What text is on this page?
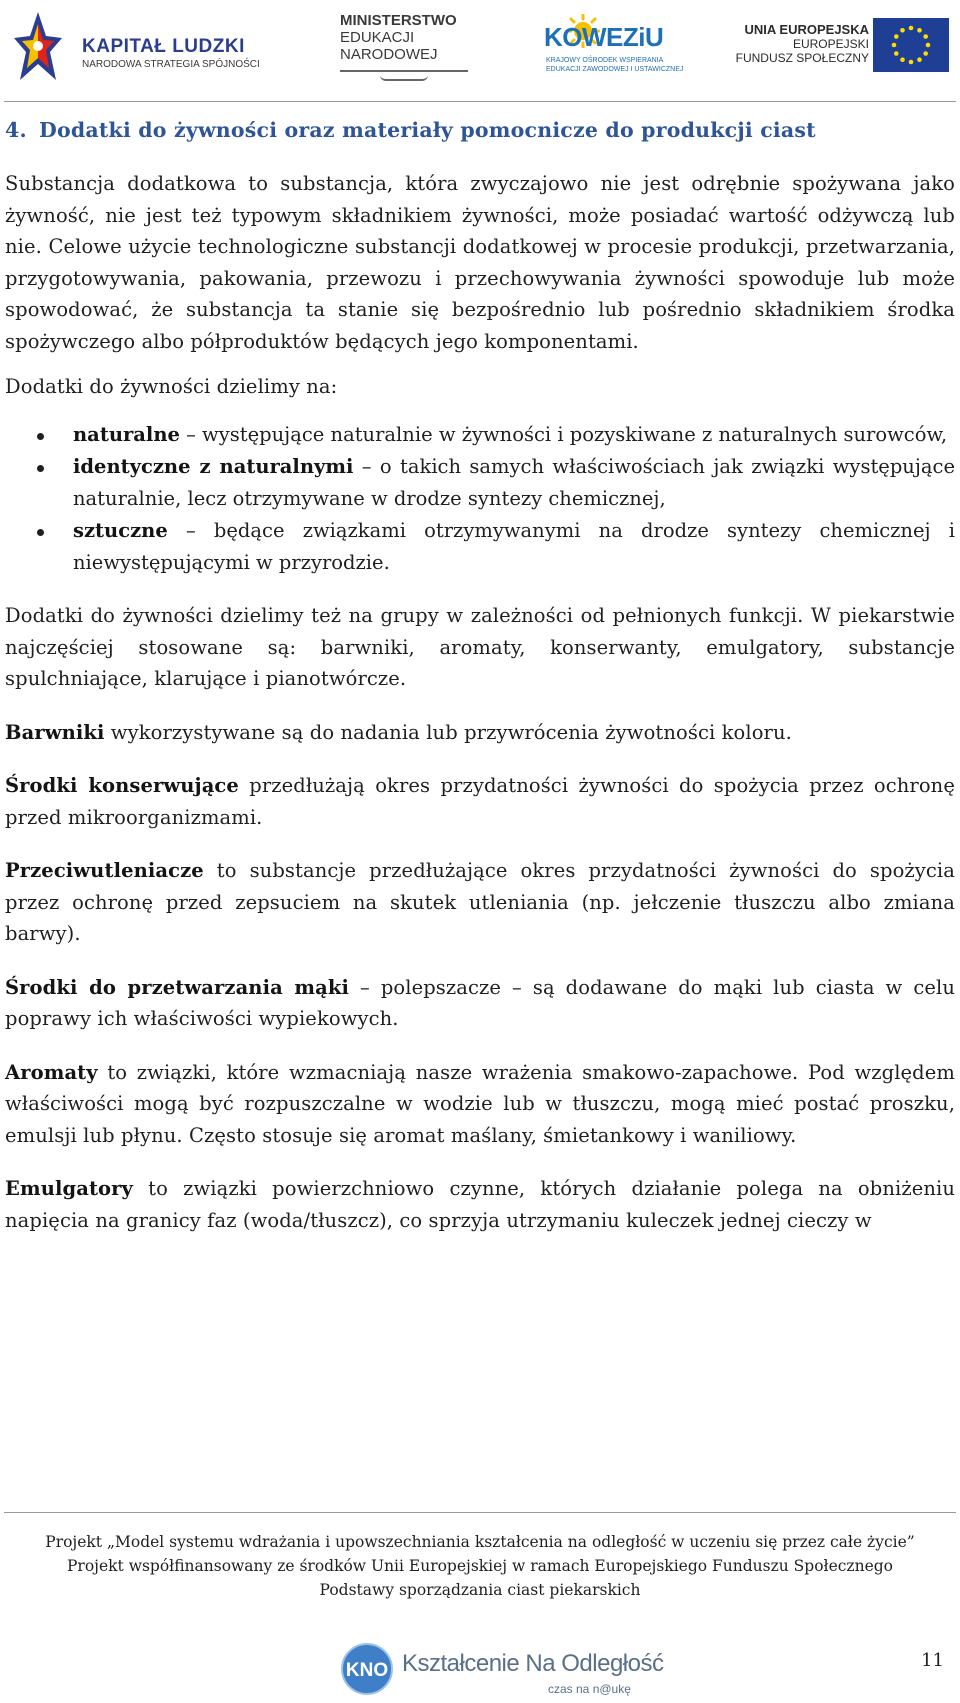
KAPITAŁ LUDZKI
NARODOWA STRATEGIA SPÓJNOŚCI
MINISTERSTWO
EDUKACJI
NARODOWEJ
KOWEZiU
KRAJOWY OŚRODEK WSPIERANIA
EDUKACJI ZAWODOWEJ I USTAWICZNEJ
UNIA EUROPEJSKA
EUROPEJSKI
FUNDUSZ SPOŁECZNY
4. Dodatki do żywności oraz materiały pomocnicze do produkcji ciast

Substancja dodatkowa to substancja, która zwyczajowo nie jest odrębnie spożywana jako żywność, nie jest też typowym składnikiem żywności, może posiadać wartość odżywczą lub nie. Celowe użycie technologiczne substancji dodatkowej w procesie produkcji, przetwarzania, przygotowywania, pakowania, przewozu i przechowywania żywności spowoduje lub może spowodować, że substancja ta stanie się bezpośrednio lub pośrednio składnikiem środka spożywczego albo półproduktów będących jego komponentami.

Dodatki do żywności dzielimy na:

naturalne – występujące naturalnie w żywności i pozyskiwane z naturalnych surowców,
identyczne z naturalnymi – o takich samych właściwościach jak związki występujące naturalnie, lecz otrzymywane w drodze syntezy chemicznej,
sztuczne – będące związkami otrzymywanymi na drodze syntezy chemicznej i niewystępującymi w przyrodzie.

Dodatki do żywności dzielimy też na grupy w zależności od pełnionych funkcji. W piekarstwie najczęściej stosowane są: barwniki, aromaty, konserwanty, emulgatory, substancje spulchniające, klarujące i pianotwórcze.

Barwniki wykorzystywane są do nadania lub przywrócenia żywotności koloru.

Środki konserwujące przedłużają okres przydatności żywności do spożycia przez ochronę przed mikroorganizmami.

Przeciwutleniacze to substancje przedłużające okres przydatności żywności do spożycia przez ochronę przed zepsuciem na skutek utleniania (np. jełczenie tłuszczu albo zmiana barwy).

Środki do przetwarzania mąki – polepszacze – są dodawane do mąki lub ciasta w celu poprawy ich właściwości wypiekowych.

Aromaty to związki, które wzmacniają nasze wrażenia smakowo-zapachowe. Pod względem właściwości mogą być rozpuszczalne w wodzie lub w tłuszczu, mogą mieć postać proszku, emulsji lub płynu. Często stosuje się aromat maślany, śmietankowy i waniliowy.

Emulgatory to związki powierzchniowo czynne, których działanie polega na obniżeniu napięcia na granicy faz (woda/tłuszcz), co sprzyja utrzymaniu kuleczek jednej cieczy w

Projekt „Model systemu wdrażania i upowszechniania kształcenia na odległość w uczeniu się przez całe życie”
Projekt współfinansowany ze środków Unii Europejskiej w ramach Europejskiego Funduszu Społecznego
Podstawy sporządzania ciast piekarskich
11
KNO Kształcenie Na Odległość
czas na n@ukę
